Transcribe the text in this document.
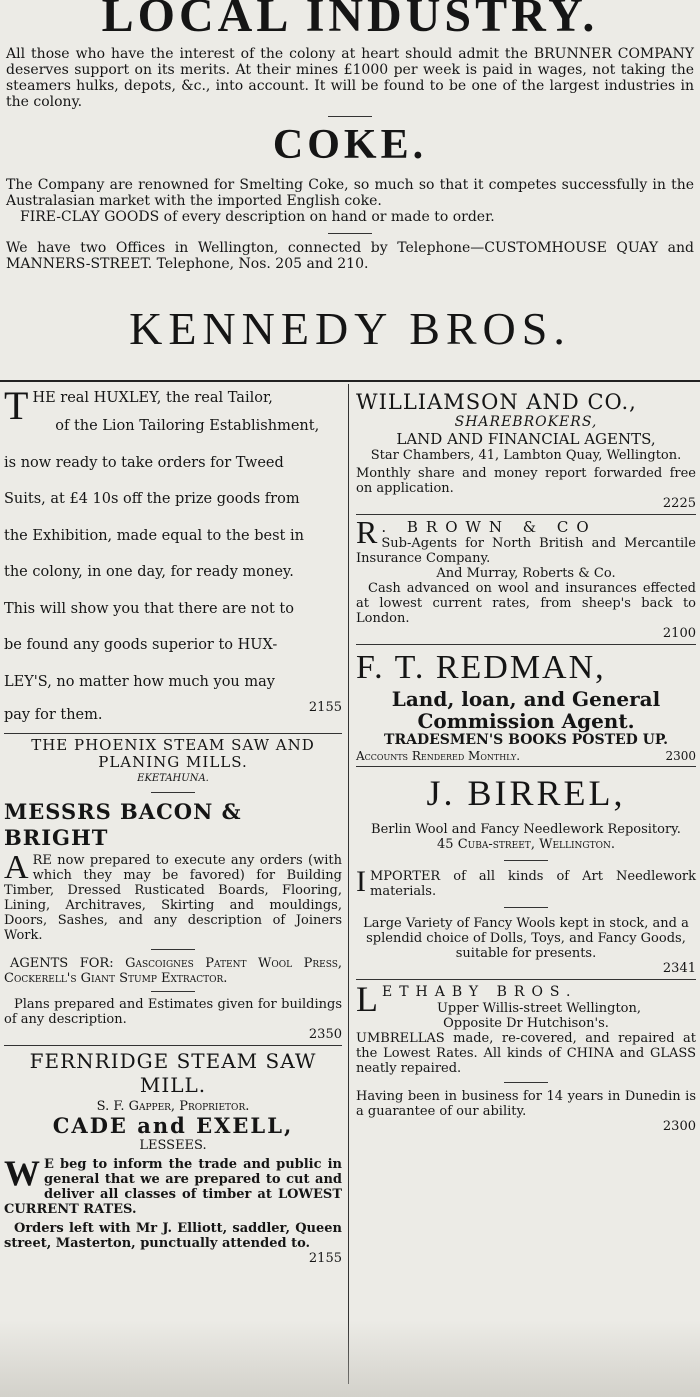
LOCAL INDUSTRY.

All those who have the interest of the colony at heart should admit the BRUNNER COMPANY deserves support on its merits. At their mines £1000 per week is paid in wages, not taking the steamers hulks, depots, &c., into account. It will be found to be one of the largest industries in the colony.

COKE.

The Company are renowned for Smelting Coke, so much so that it competes successfully in the Australasian market with the imported English coke.

FIRE-CLAY GOODS of every description on hand or made to order.

We have two Offices in Wellington, connected by Telephone—CUSTOMHOUSE QUAY and MANNERS-STREET. Telephone, Nos. 205 and 210.

KENNEDY BROS.
T HE real HUXLEY, the real Tailor,

of the Lion Tailoring Establishment,

is now ready to take orders for Tweed

Suits, at £4 10s off the prize goods from

the Exhibition, made equal to the best in

the colony, in one day, for ready money.

This will show you that there are not to

be found any goods superior to HUX-

LEY'S, no matter how much you may

pay for them.	2155

THE PHOENIX STEAM SAW AND PLANING MILLS.

EKETAHUNA.

MESSRS BACON & BRIGHT

A RE now prepared to execute any orders (with which they may be favored) for Building Timber, Dressed Rusticated Boards, Flooring, Lining, Architraves, Skirting and mouldings, Doors, Sashes, and any description of Joiners Work.

AGENTS FOR: Gascoignes Patent Wool Press, Cockerell's Giant Stump Extractor.

Plans prepared and Estimates given for buildings of any description.

2350

FERNRIDGE STEAM SAW MILL.

S. F. Gapper, Proprietor.

CADE and EXELL,

LESSEES.

W E beg to inform the trade and public in general that we are prepared to cut and deliver all classes of timber at LOWEST CURRENT RATES.

Orders left with Mr J. Elliott, saddler, Queen street, Masterton, punctually attended to.

2155

WILLIAMSON AND CO.,

SHAREBROKERS,

LAND AND FINANCIAL AGENTS,

Star Chambers, 41, Lambton Quay, Wellington.

Monthly share and money report forwarded free on application.

2225

R . BROWN & CO

Sub-Agents for North British and Mercantile Insurance Company.

And Murray, Roberts & Co.

Cash advanced on wool and insurances effected at lowest current rates, from sheep's back to London.

2100

F. T. REDMAN,

Land, loan, and General

Commission Agent.

TRADESMEN'S BOOKS POSTED UP.

Accounts Rendered Monthly.	2300

J. BIRREL,

Berlin Wool and Fancy Needlework Repository.

45 Cuba-street, Wellington.

I MPORTER of all kinds of Art Needlework materials.

Large Variety of Fancy Wools kept in stock, and a splendid choice of Dolls, Toys, and Fancy Goods, suitable for presents.

2341

L ETHABY BROS.

Upper Willis-street Wellington,

Opposite Dr Hutchison's.

UMBRELLAS made, re-covered, and repaired at the Lowest Rates. All kinds of CHINA and GLASS neatly repaired.

Having been in business for 14 years in Dunedin is a guarantee of our ability.

2300
